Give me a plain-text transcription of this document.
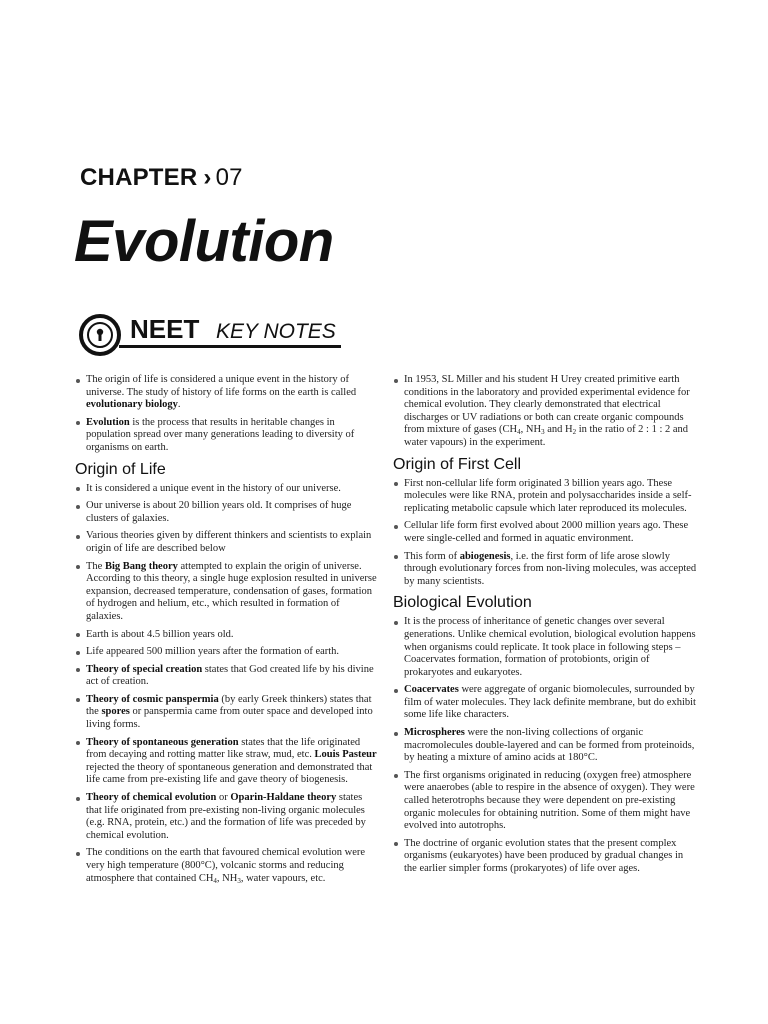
CHAPTER › 07
Evolution
NEET KEY NOTES
The origin of life is considered a unique event in the history of universe. The study of history of life forms on the earth is called evolutionary biology.
Evolution is the process that results in heritable changes in population spread over many generations leading to diversity of organisms on earth.
Origin of Life
It is considered a unique event in the history of our universe.
Our universe is about 20 billion years old. It comprises of huge clusters of galaxies.
Various theories given by different thinkers and scientists to explain origin of life are described below
The Big Bang theory attempted to explain the origin of universe. According to this theory, a single huge explosion resulted in universe expansion, decreased temperature, condensation of gases, formation of hydrogen and helium, etc., which resulted in formation of galaxies.
Earth is about 4.5 billion years old.
Life appeared 500 million years after the formation of earth.
Theory of special creation states that God created life by his divine act of creation.
Theory of cosmic panspermia (by early Greek thinkers) states that the spores or panspermia came from outer space and developed into living forms.
Theory of spontaneous generation states that the life originated from decaying and rotting matter like straw, mud, etc. Louis Pasteur rejected the theory of spontaneous generation and demonstrated that life came from pre-existing life and gave theory of biogenesis.
Theory of chemical evolution or Oparin-Haldane theory states that life originated from pre-existing non-living organic molecules (e.g. RNA, protein, etc.) and the formation of life was preceded by chemical evolution.
The conditions on the earth that favoured chemical evolution were very high temperature (800°C), volcanic storms and reducing atmosphere that contained $CH_4$, $NH_3$, water vapours, etc.
In 1953, SL Miller and his student H Urey created primitive earth conditions in the laboratory and provided experimental evidence for chemical evolution. They clearly demonstrated that electrical discharges or UV radiations or both can create organic compounds from mixture of gases ($CH_4$, $NH_3$ and $H_2$ in the ratio of 2 : 1 : 2 and water vapours) in the experiment.
Origin of First Cell
First non-cellular life form originated 3 billion years ago. These molecules were like RNA, protein and polysaccharides inside a self-replicating metabolic capsule which later reproduced its molecules.
Cellular life form first evolved about 2000 million years ago. These were single-celled and formed in aquatic environment.
This form of abiogenesis, i.e. the first form of life arose slowly through evolutionary forces from non-living molecules, was accepted by many scientists.
Biological Evolution
It is the process of inheritance of genetic changes over several generations. Unlike chemical evolution, biological evolution happens when organisms could replicate. It took place in following steps – Coacervates formation, formation of protobionts, origin of prokaryotes and eukaryotes.
Coacervates were aggregate of organic biomolecules, surrounded by film of water molecules. They lack definite membrane, but do exhibit some life like characters.
Microspheres were the non-living collections of organic macromolecules double-layered and can be formed from proteinoids, by heating a mixture of amino acids at 180°C.
The first organisms originated in reducing (oxygen free) atmosphere were anaerobes (able to respire in the absence of oxygen). They were called heterotrophs because they were dependent on pre-existing organic molecules for obtaining nutrition. Some of them might have evolved into autotrophs.
The doctrine of organic evolution states that the present complex organisms (eukaryotes) have been produced by gradual changes in the earlier simpler forms (prokaryotes) of life over ages.
